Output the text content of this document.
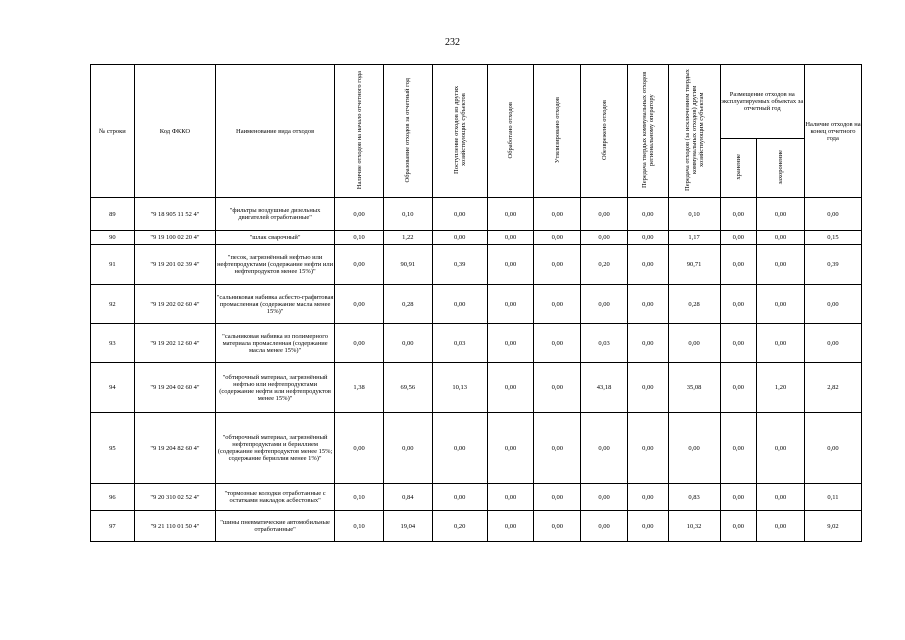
232
№ строки	Код ФККО	Наименование вида отходов	Наличие отходов на начало отчетного года	Образование отходов за отчетный год	Поступление отходов из других хозяйствующих субъектов	Обработано отходов	Утилизировано отходов	Обезврежено отходов	Передача твердых коммунальных отходов региональному оператору	Передача отходов (за исключением твердых коммунальных отходов) другим хозяйствующим субъектам	Размещение отходов на эксплуатируемых объектах за отчетный год		Наличие отходов на конец отчетного года
											хранение	захоронение	
89	"9 18 905 11 52 4"	"фильтры воздушные дизельных двигателей отработанные"	0,00	0,10	0,00	0,00	0,00	0,00	0,00	0,10	0,00	0,00	0,00
90	"9 19 100 02 20 4"	"шлак сварочный"	0,10	1,22	0,00	0,00	0,00	0,00	0,00	1,17	0,00	0,00	0,15
91	"9 19 201 02 39 4"	"песок, загрязнённый нефтью или нефтепродуктами (содержание нефти или нефтепродуктов менее 15%)"	0,00	90,91	0,39	0,00	0,00	0,20	0,00	90,71	0,00	0,00	0,39
92	"9 19 202 02 60 4"	"сальниковая набивка асбесто-графитовая промасленная (содержание масла менее 15%)"	0,00	0,28	0,00	0,00	0,00	0,00	0,00	0,28	0,00	0,00	0,00
93	"9 19 202 12 60 4"	"сальниковая набивка из полимерного материала промасленная (содержание масла менее 15%)"	0,00	0,00	0,03	0,00	0,00	0,03	0,00	0,00	0,00	0,00	0,00
94	"9 19 204 02 60 4"	"обтирочный материал, загрязнённый нефтью или нефтепродуктами (содержание нефти или нефтепродуктов менее 15%)"	1,38	69,56	10,13	0,00	0,00	43,18	0,00	35,08	0,00	1,20	2,82
95	"9 19 204 82 60 4"	"обтирочный материал, загрязнённый нефтепродуктами и бериллием (содержание нефтепродуктов менее 15%; содержание бериллия менее 1%)"	0,00	0,00	0,00	0,00	0,00	0,00	0,00	0,00	0,00	0,00	0,00
96	"9 20 310 02 52 4"	"тормозные колодки отработанные с остатками накладок асбестовых"	0,10	0,84	0,00	0,00	0,00	0,00	0,00	0,83	0,00	0,00	0,11
97	"9 21 110 01 50 4"	"шины пневматические автомобильные отработанные"	0,10	19,04	0,20	0,00	0,00	0,00	0,00	10,32	0,00	0,00	9,02
